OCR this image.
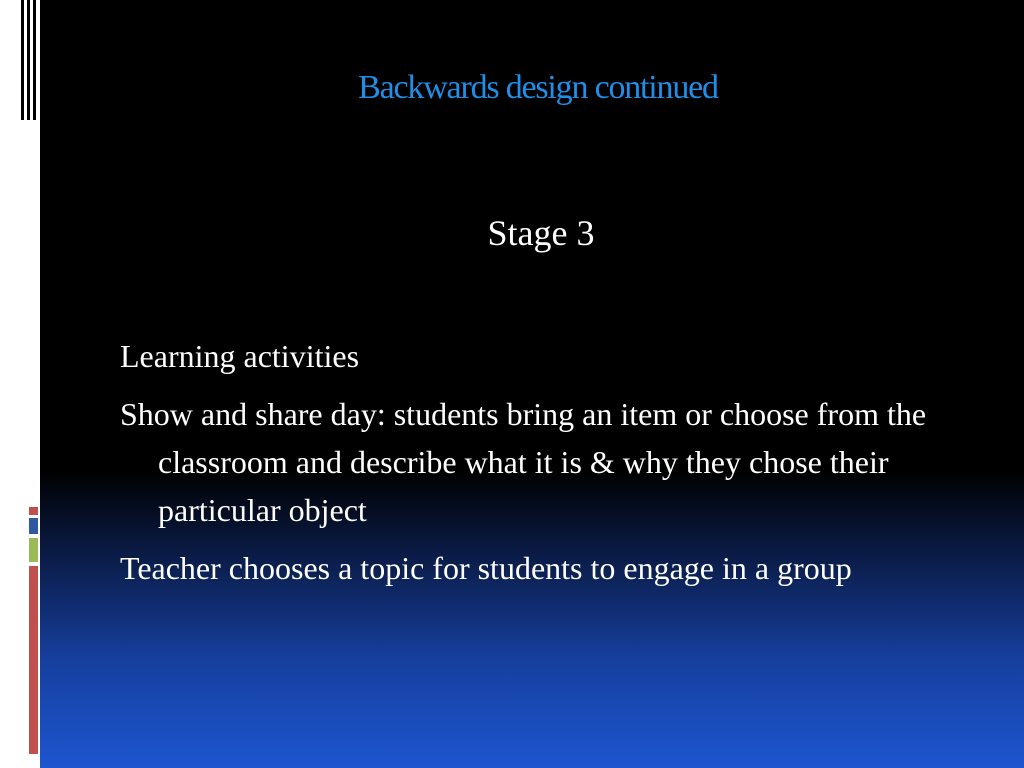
Backwards design continued
Stage 3

Learning activities

Show and share day: students bring an item or choose from the classroom and describe what it is & why they chose their particular object

Teacher chooses a topic for students to engage in a group
